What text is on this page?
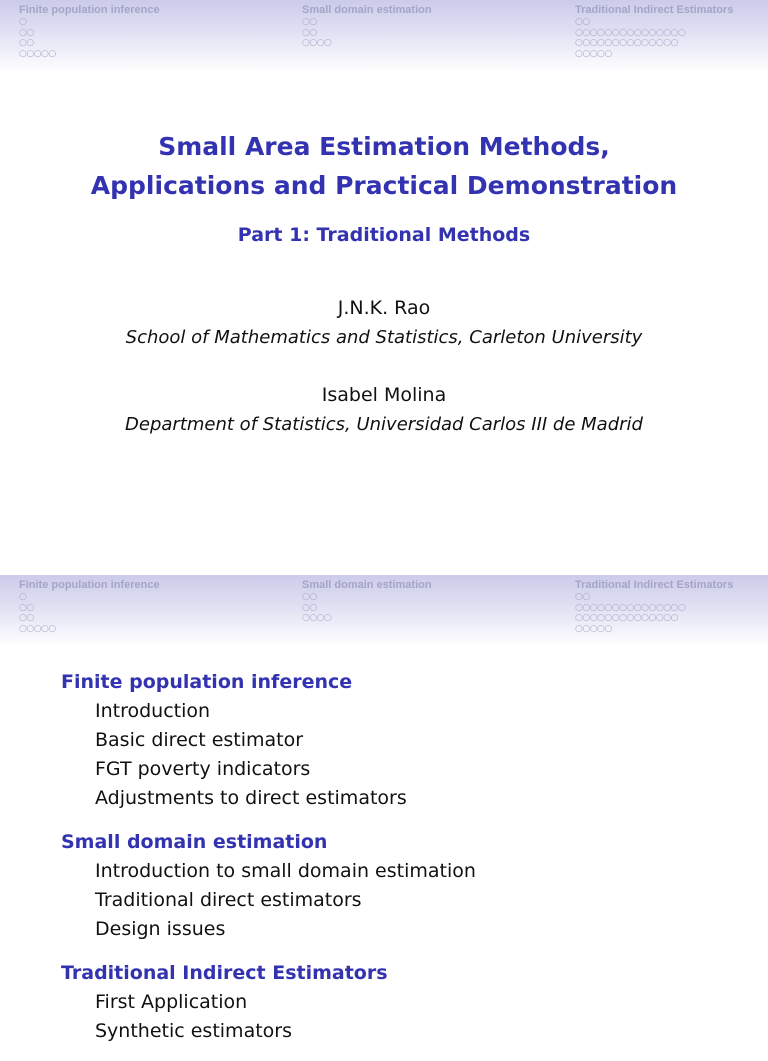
Finite population inference
○
○○
○○
○○○○○
Small domain estimation
○○
○○
○○○○
Traditional Indirect Estimators
○○
○○○○○○○○○○○○○○○
○○○○○○○○○○○○○○
○○○○○
Small Area Estimation Methods,
Applications and Practical Demonstration
Part 1: Traditional Methods
J.N.K. Rao
School of Mathematics and Statistics, Carleton University
Isabel Molina
Department of Statistics, Universidad Carlos III de Madrid
Finite population inference
○
○○
○○
○○○○○
Small domain estimation
○○
○○
○○○○
Traditional Indirect Estimators
○○
○○○○○○○○○○○○○○○
○○○○○○○○○○○○○○
○○○○○
Finite population inference
Introduction
Basic direct estimator
FGT poverty indicators
Adjustments to direct estimators
Small domain estimation
Introduction to small domain estimation
Traditional direct estimators
Design issues
Traditional Indirect Estimators
First Application
Synthetic estimators
